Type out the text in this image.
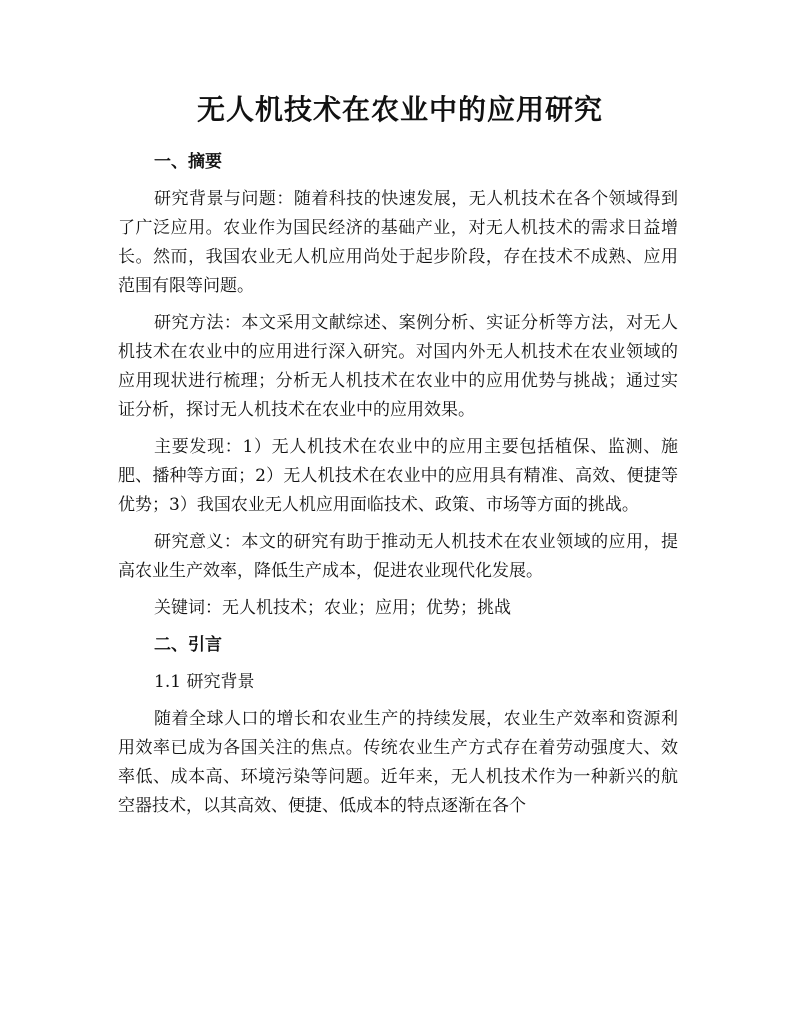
无人机技术在农业中的应用研究
一、摘要

研究背景与问题：随着科技的快速发展，无人机技术在各个领域得到了广泛应用。农业作为国民经济的基础产业，对无人机技术的需求日益增长。然而，我国农业无人机应用尚处于起步阶段，存在技术不成熟、应用范围有限等问题。

研究方法：本文采用文献综述、案例分析、实证分析等方法，对无人机技术在农业中的应用进行深入研究。对国内外无人机技术在农业领域的应用现状进行梳理；分析无人机技术在农业中的应用优势与挑战；通过实证分析，探讨无人机技术在农业中的应用效果。

主要发现：1）无人机技术在农业中的应用主要包括植保、监测、施肥、播种等方面；2）无人机技术在农业中的应用具有精准、高效、便捷等优势；3）我国农业无人机应用面临技术、政策、市场等方面的挑战。

研究意义：本文的研究有助于推动无人机技术在农业领域的应用，提高农业生产效率，降低生产成本，促进农业现代化发展。

关键词：无人机技术；农业；应用；优势；挑战

二、引言
1.1 研究背景

随着全球人口的增长和农业生产的持续发展，农业生产效率和资源利用效率已成为各国关注的焦点。传统农业生产方式存在着劳动强度大、效率低、成本高、环境污染等问题。近年来，无人机技术作为一种新兴的航空器技术，以其高效、便捷、低成本的特点逐渐在各个
